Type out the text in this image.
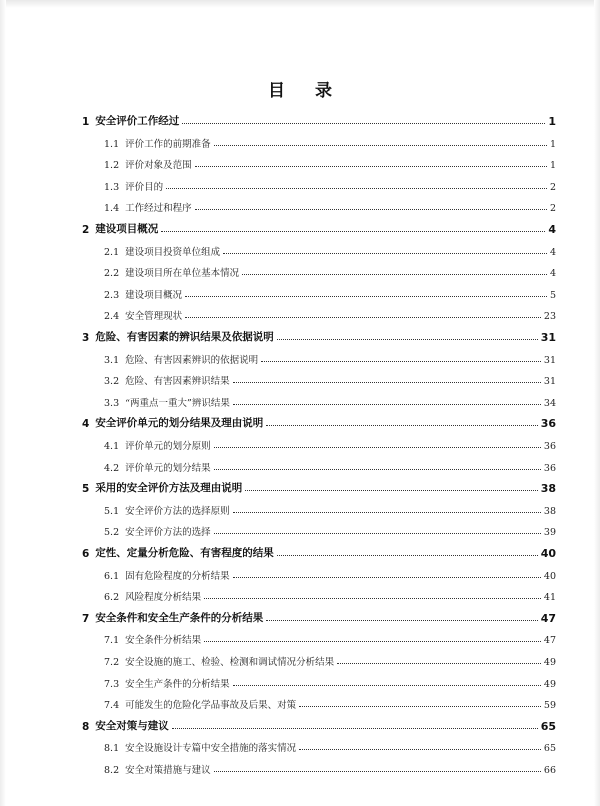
目 录
1 安全评价工作经过	1
1.1 评价工作的前期准备	1
1.2 评价对象及范围	1
1.3 评价目的	2
1.4 工作经过和程序	2
2 建设项目概况	4
2.1 建设项目投资单位组成	4
2.2 建设项目所在单位基本情况	4
2.3 建设项目概况	5
2.4 安全管理现状	23
3 危险、有害因素的辨识结果及依据说明	31
3.1 危险、有害因素辨识的依据说明	31
3.2 危险、有害因素辨识结果	31
3.3 “两重点一重大”辨识结果	34
4 安全评价单元的划分结果及理由说明	36
4.1 评价单元的划分原则	36
4.2 评价单元的划分结果	36
5 采用的安全评价方法及理由说明	38
5.1 安全评价方法的选择原则	38
5.2 安全评价方法的选择	39
6 定性、定量分析危险、有害程度的结果	40
6.1 固有危险程度的分析结果	40
6.2 风险程度分析结果	41
7 安全条件和安全生产条件的分析结果	47
7.1 安全条件分析结果	47
7.2 安全设施的施工、检验、检测和调试情况分析结果	49
7.3 安全生产条件的分析结果	49
7.4 可能发生的危险化学品事故及后果、对策	59
8 安全对策与建议	65
8.1 安全设施设计专篇中安全措施的落实情况	65
8.2 安全对策措施与建议	66
